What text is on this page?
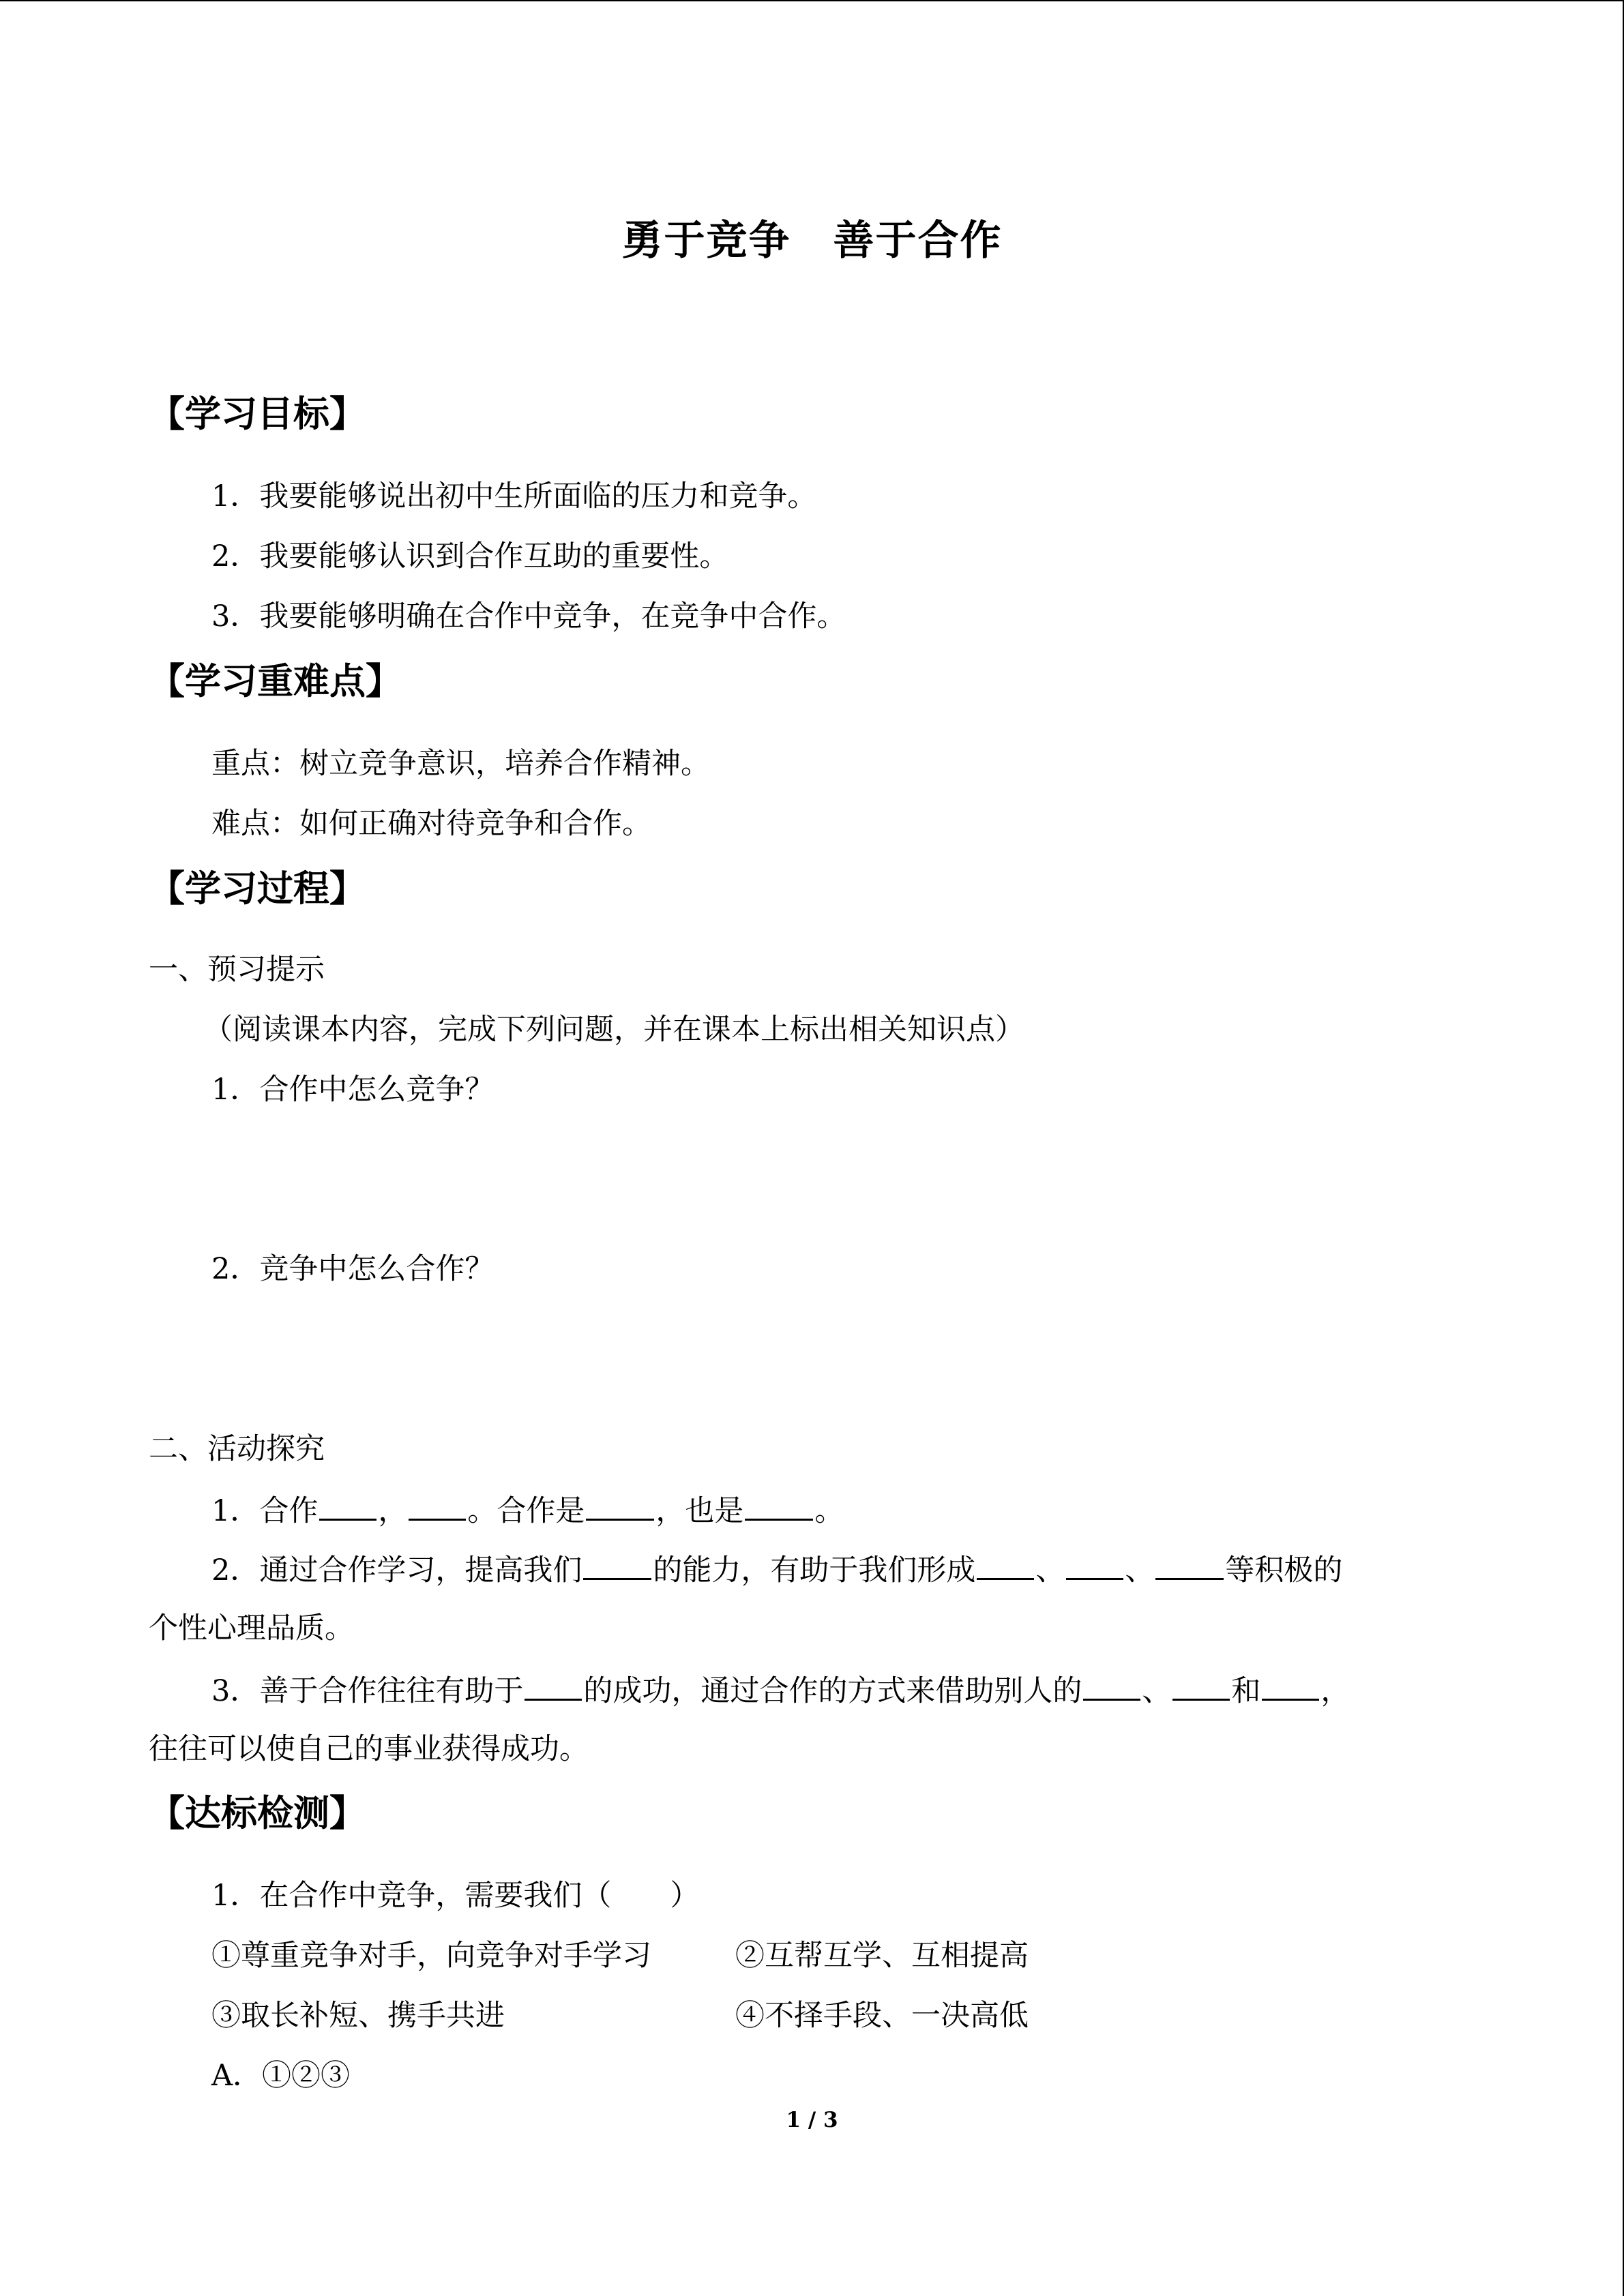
勇于竞争　善于合作
【学习目标】
1．我要能够说出初中生所面临的压力和竞争。
2．我要能够认识到合作互助的重要性。
3．我要能够明确在合作中竞争，在竞争中合作。
【学习重难点】
重点：树立竞争意识，培养合作精神。
难点：如何正确对待竞争和合作。
【学习过程】
一、预习提示
（阅读课本内容，完成下列问题，并在课本上标出相关知识点）
1．合作中怎么竞争？
2．竞争中怎么合作？
二、活动探究
1．合作 ， 。合作是 ，也是 。
2．通过合作学习，提高我们 的能力，有助于我们形成 、 、 等积极的
个性心理品质。
3．善于合作往往有助于 的成功，通过合作的方式来借助别人的 、 和 ，
往往可以使自己的事业获得成功。
【达标检测】
1．在合作中竞争，需要我们（　　）
①尊重竞争对手，向竞争对手学习	②互帮互学、互相提高
③取长补短、携手共进	④不择手段、一决高低
A．①②③
1 / 3
